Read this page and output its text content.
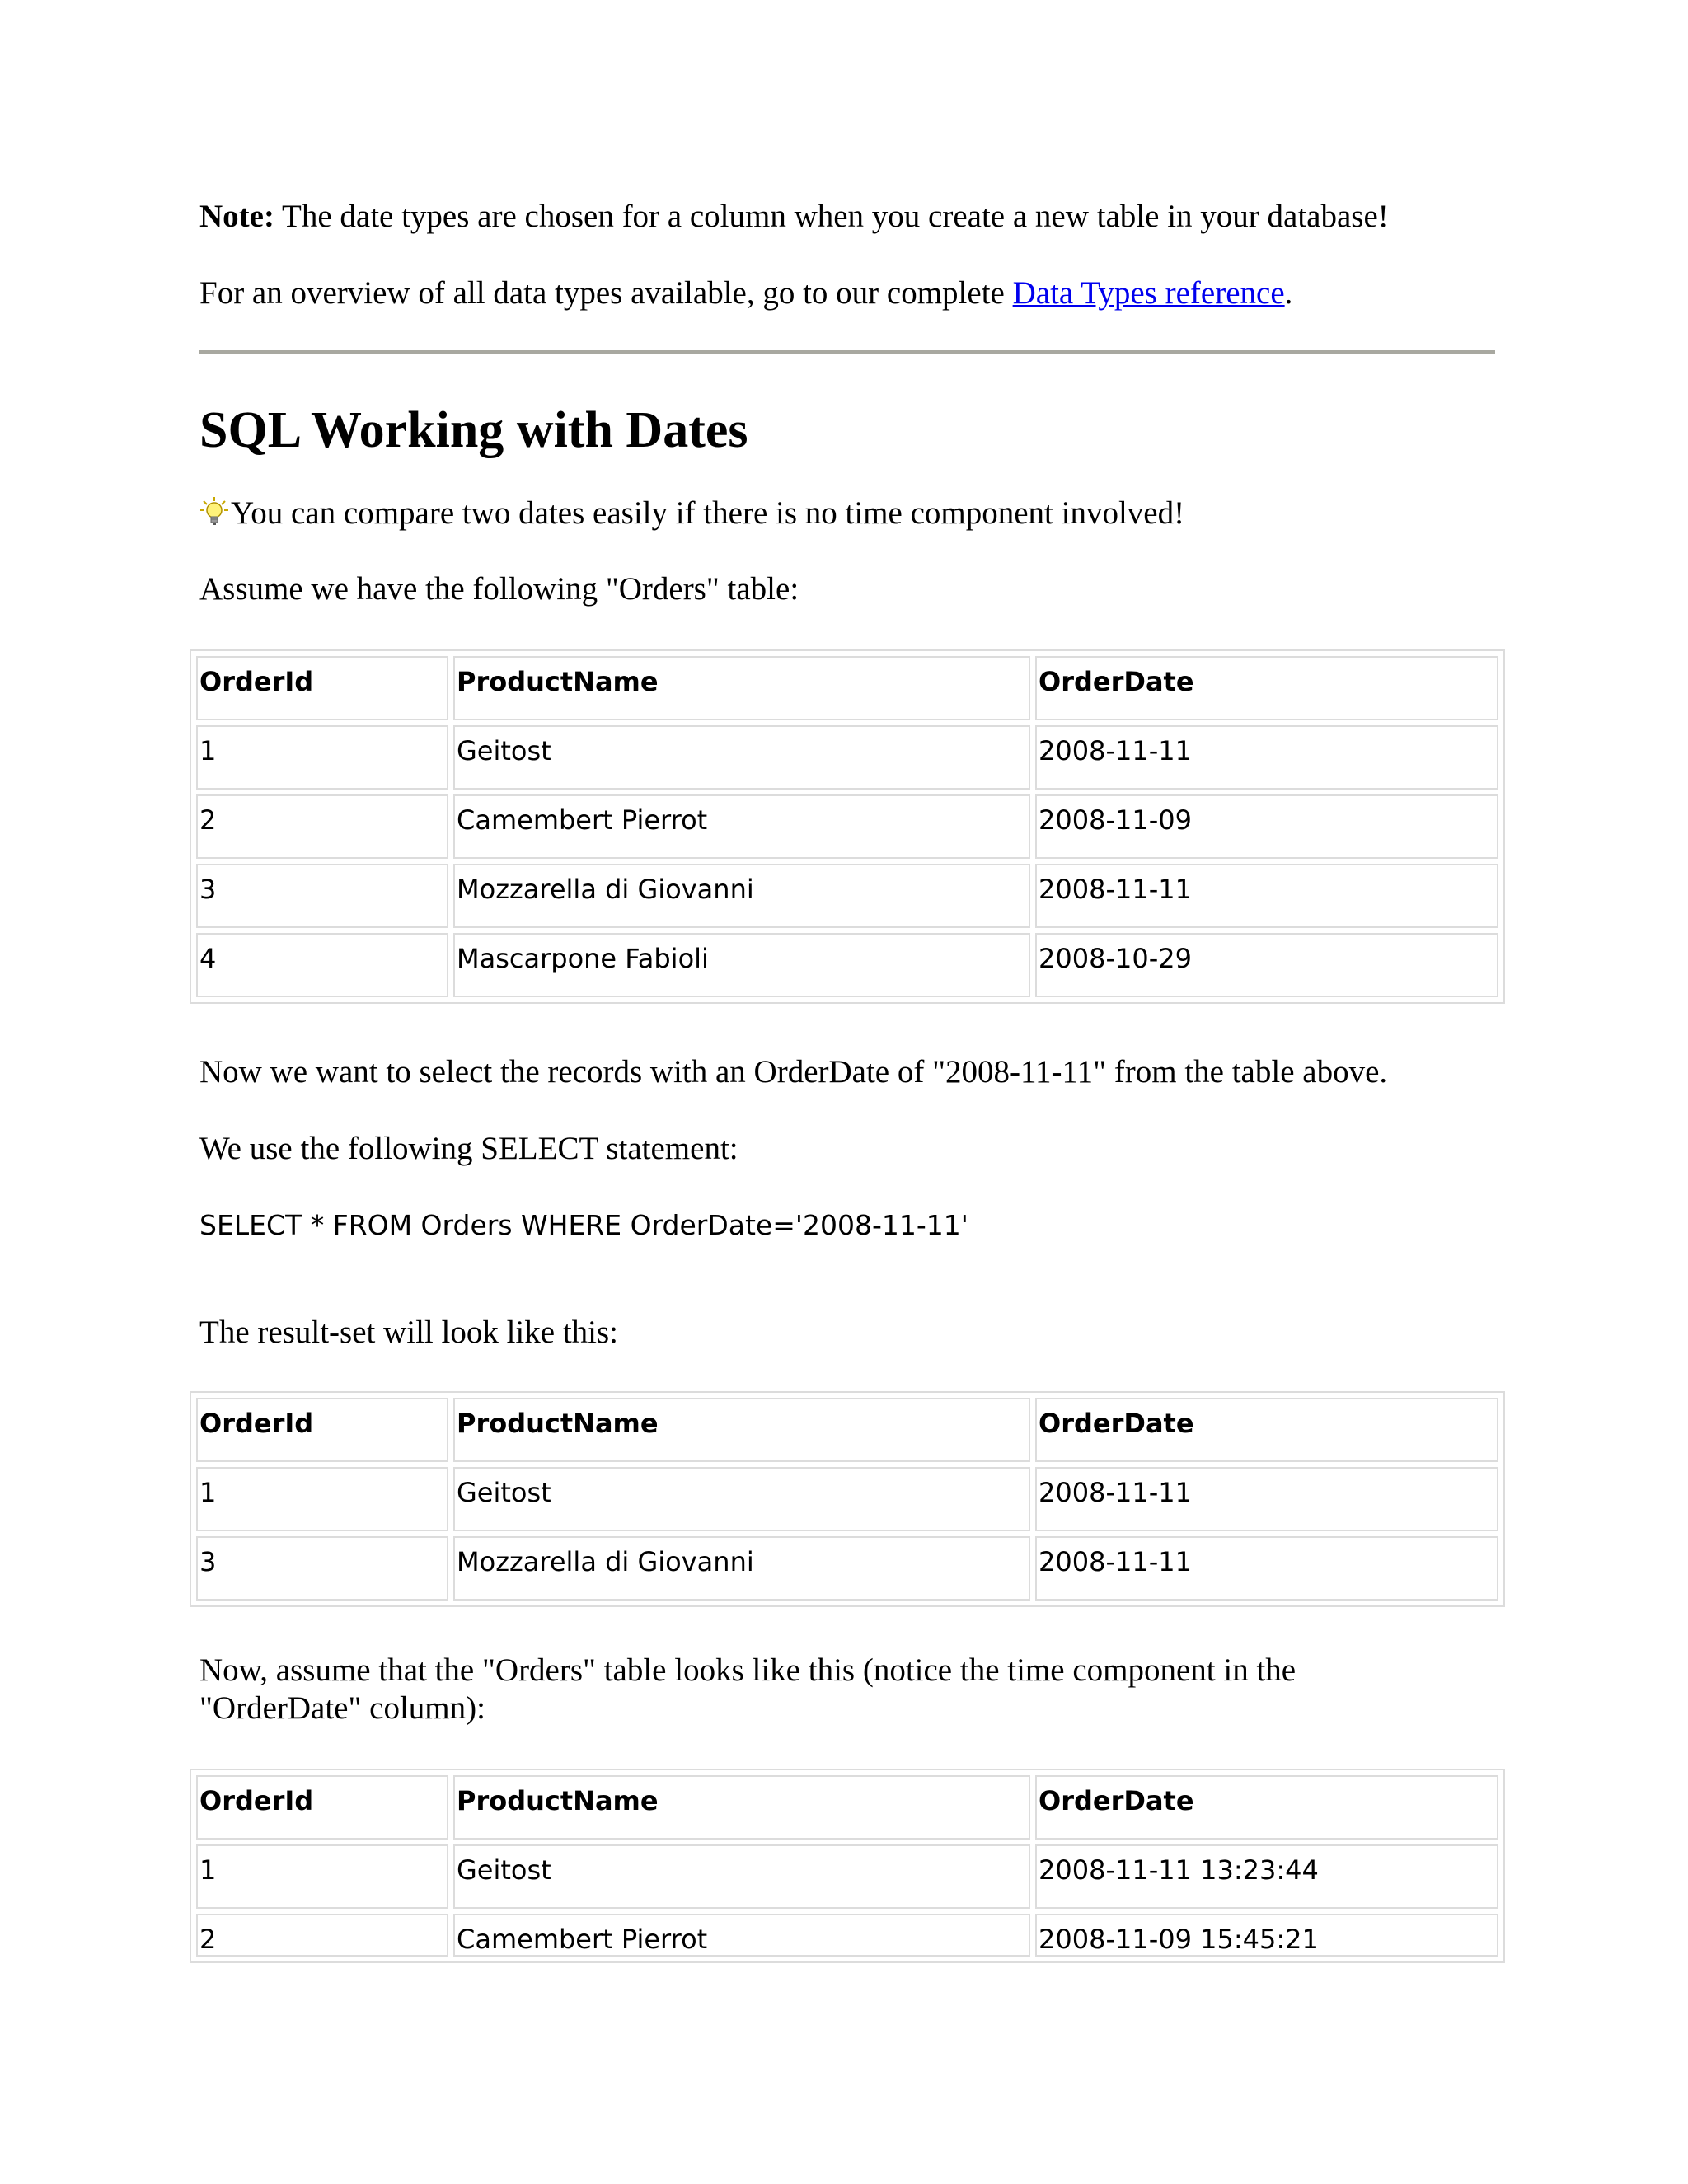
Note: The date types are chosen for a column when you create a new table in your database!

For an overview of all data types available, go to our complete Data Types reference.

SQL Working with Dates

You can compare two dates easily if there is no time component involved!

Assume we have the following "Orders" table:

OrderId	ProductName	OrderDate

1	Geitost	2008-11-11

2	Camembert Pierrot	2008-11-09

3	Mozzarella di Giovanni	2008-11-11

4	Mascarpone Fabioli	2008-10-29

Now we want to select the records with an OrderDate of "2008-11-11" from the table above.

We use the following SELECT statement:

SELECT * FROM Orders WHERE OrderDate='2008-11-11'

The result-set will look like this:

OrderId	ProductName	OrderDate

1	Geitost	2008-11-11

3	Mozzarella di Giovanni	2008-11-11

Now, assume that the "Orders" table looks like this (notice the time component in the

"OrderDate" column):

OrderId	ProductName	OrderDate

1	Geitost	2008-11-11 13:23:44

2	Camembert Pierrot	2008-11-09 15:45:21
